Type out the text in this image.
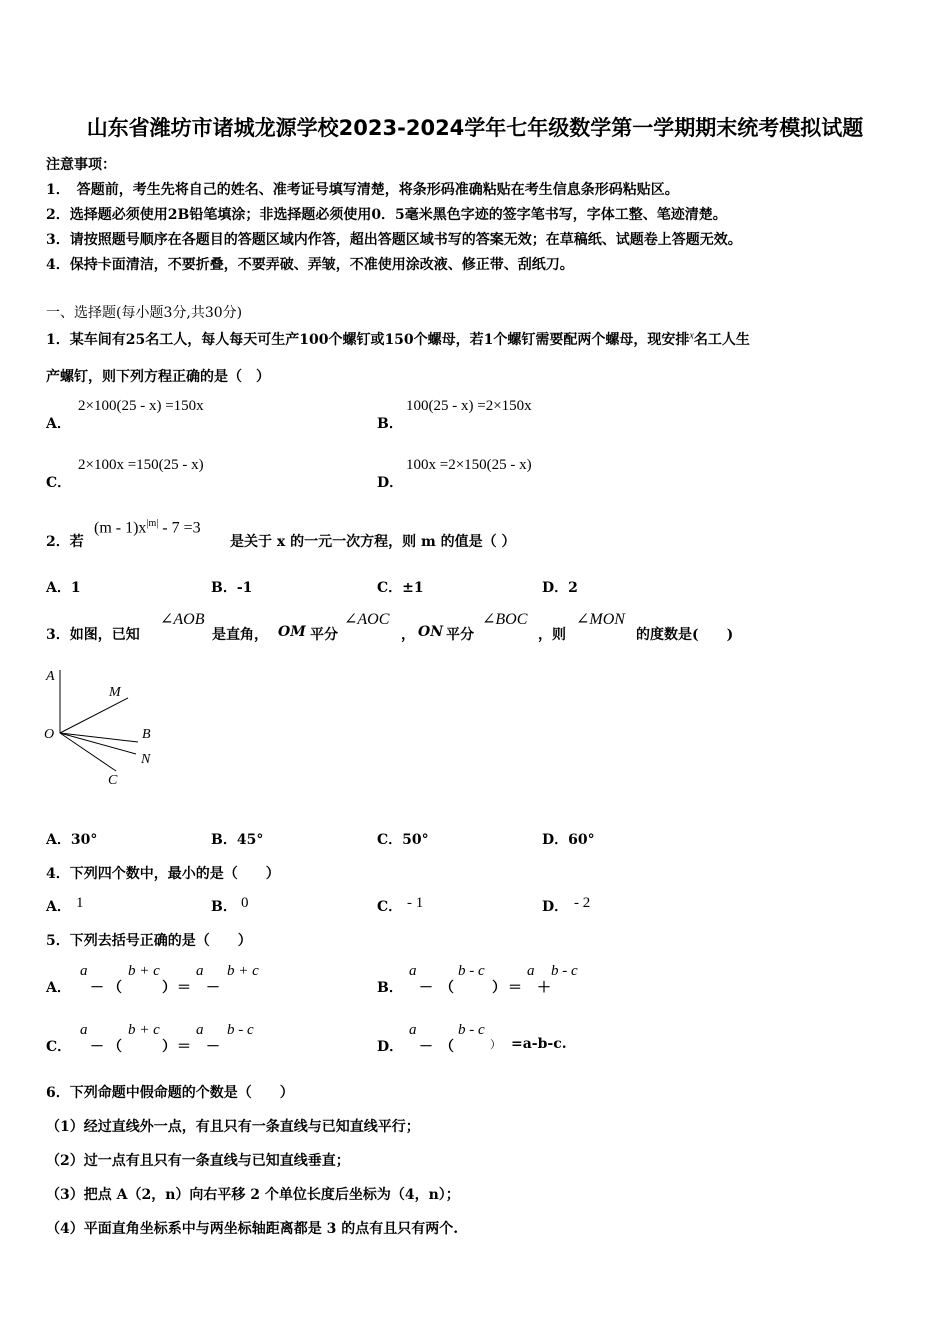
山东省潍坊市诸城龙源学校2023-2024学年七年级数学第一学期期末统考模拟试题
注意事项：
1．　答题前，考生先将自己的姓名、准考证号填写清楚，将条形码准确粘贴在考生信息条形码粘贴区。
2．选择题必须使用2B铅笔填涂；非选择题必须使用0．5毫米黑色字迹的签字笔书写，字体工整、笔迹清楚。
3．请按照题号顺序在各题目的答题区域内作答，超出答题区域书写的答案无效；在草稿纸、试题卷上答题无效。
4．保持卡面清洁，不要折叠，不要弄破、弄皱，不准使用涂改液、修正带、刮纸刀。
一、选择题(每小题3分,共30分)
1．某车间有25名工人，每人每天可生产100个螺钉或150个螺母，若1个螺钉需要配两个螺母，现安排$^x$名工人生
产螺钉，则下列方程正确的是（　）
A．
2×100(25 - x) =150x
B．
100(25 - x) =2×150x
C．
2×100x =150(25 - x)
D．
100x =2×150(25 - x)
2．若
$(m - 1)x^{|m|} - 7 =3$
是关于 x 的一元一次方程，则 m 的值是（ ）
A．1	B．-1	C．±1	D．2
3．如图，已知
∠AOB
是直角， OM 平分
∠AOC
， ON 平分
∠BOC
，则
∠MON
的度数是(　　)
A
M
O	B
N
C
A．30°	B．45°	C．50°	D．60°
4．下列四个数中，最小的是（　　）
A． 1	B． 0	C． - 1	D． - 2
5．下列去括号正确的是（　　）
A．
a
－ （
b + c
） ＝
a
－
b + c
B．
a
－ （
b - c
） ＝
a
＋
b - c
C．
a
－ （
b + c
） ＝
a
－
b - c
D．
a
－ （
b - c
） =a-b-c.
6．下列命题中假命题的个数是（　　）
（1）经过直线外一点，有且只有一条直线与已知直线平行；
（2）过一点有且只有一条直线与已知直线垂直；
（3）把点 A（2，n）向右平移 2 个单位长度后坐标为（4，n）；
（4）平面直角坐标系中与两坐标轴距离都是 3 的点有且只有两个.
